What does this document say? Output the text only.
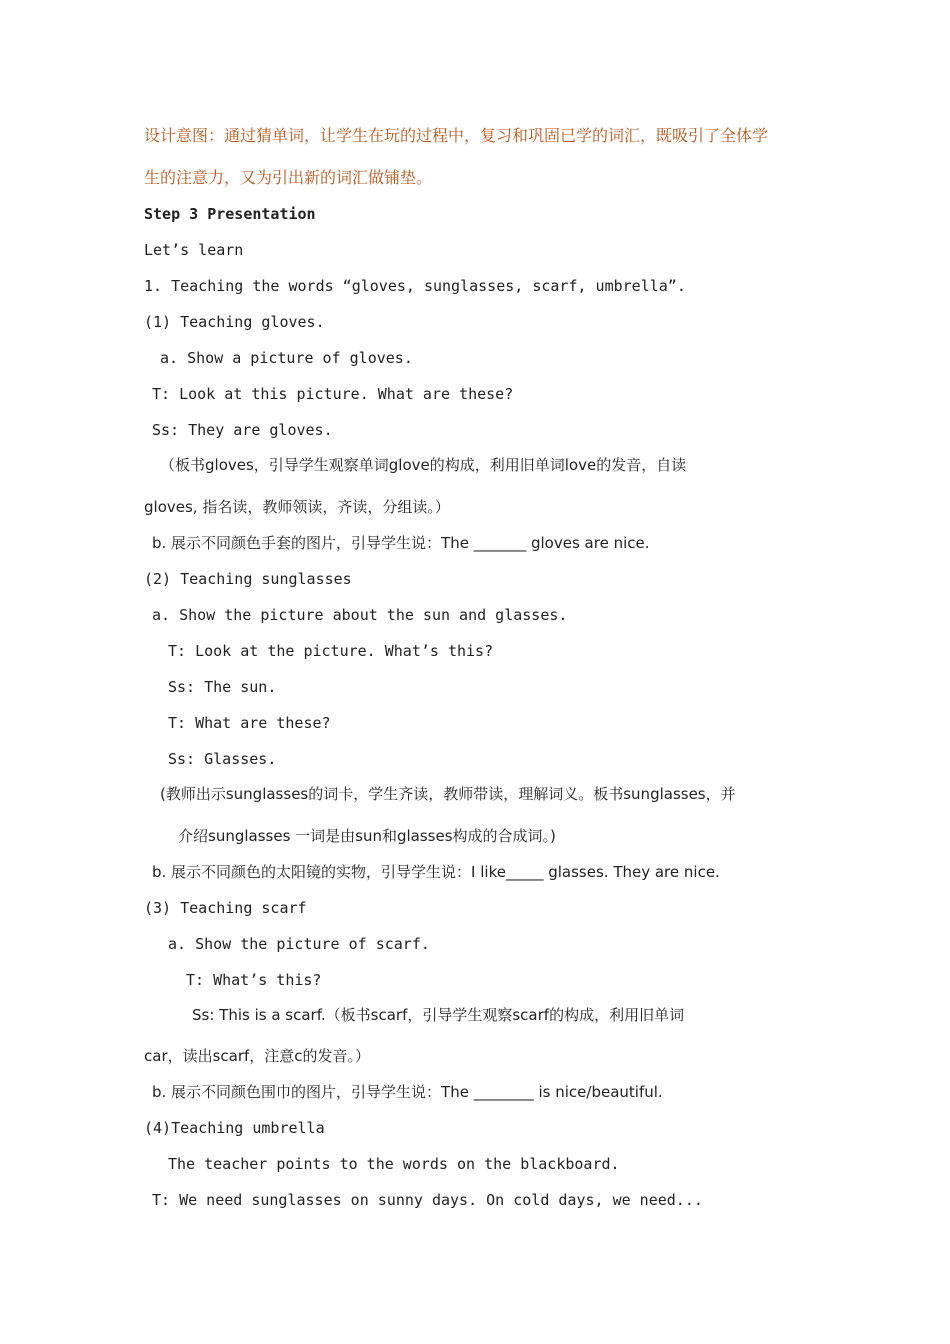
设计意图：通过猜单词，让学生在玩的过程中，复习和巩固已学的词汇，既吸引了全体学
生的注意力，又为引出新的词汇做铺垫。
Step 3 Presentation
Let’s learn
1. Teaching the words “gloves, sunglasses, scarf, umbrella”.
(1) Teaching gloves.
a. Show a picture of gloves.
T: Look at this picture. What are these?
Ss: They are gloves.
（板书gloves，引导学生观察单词glove的构成，利用旧单词love的发音，自读
gloves, 指名读，教师领读，齐读，分组读。）
b. 展示不同颜色手套的图片，引导学生说：The _______ gloves are nice.
(2) Teaching sunglasses
a. Show the picture about the sun and glasses.
T: Look at the picture. What’s this?
Ss: The sun.
T: What are these?
Ss: Glasses.
(教师出示sunglasses的词卡，学生齐读，教师带读，理解词义。板书sunglasses，并
介绍sunglasses 一词是由sun和glasses构成的合成词。)
b. 展示不同颜色的太阳镜的实物，引导学生说：I like_____ glasses. They are nice.
(3) Teaching scarf
a. Show the picture of scarf.
T: What’s this?
Ss: This is a scarf.（板书scarf，引导学生观察scarf的构成，利用旧单词
car，读出scarf，注意c的发音。）
b. 展示不同颜色围巾的图片，引导学生说：The ________ is nice/beautiful.
(4)Teaching umbrella
The teacher points to the words on the blackboard.
T: We need sunglasses on sunny days. On cold days, we need...
